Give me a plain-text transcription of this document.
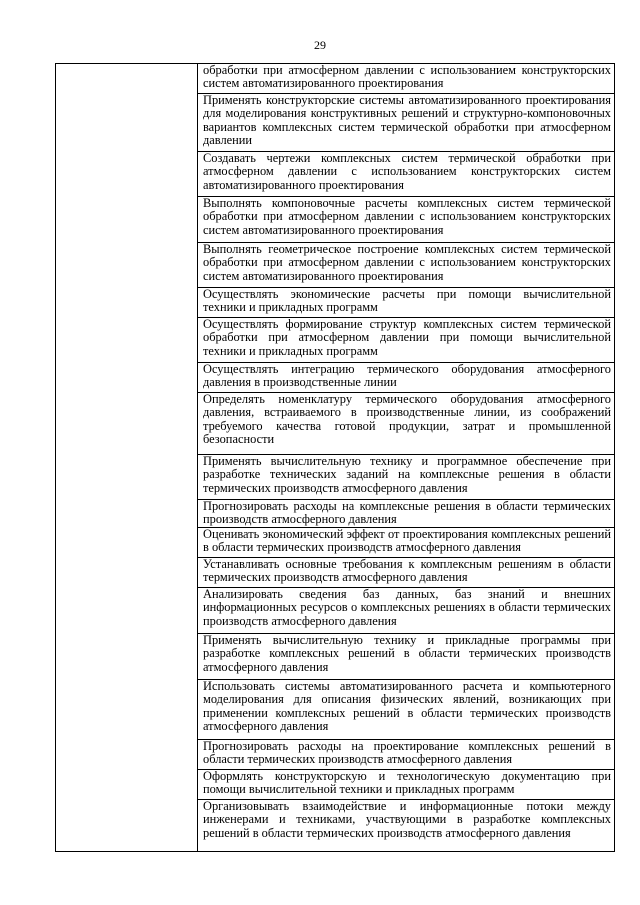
29
обработки при атмосферном давлении с использованием конструкторских систем автоматизированного проектирования
Применять конструкторские системы автоматизированного проектирования для моделирования конструктивных решений и структурно-компоновочных вариантов комплексных систем термической обработки при атмосферном давлении
Создавать чертежи комплексных систем термической обработки при атмосферном давлении с использованием конструкторских систем автоматизированного проектирования
Выполнять компоновочные расчеты комплексных систем термической обработки при атмосферном давлении с использованием конструкторских систем автоматизированного проектирования
Выполнять геометрическое построение комплексных систем термической обработки при атмосферном давлении с использованием конструкторских систем автоматизированного проектирования
Осуществлять экономические расчеты при помощи вычислительной техники и прикладных программ
Осуществлять формирование структур комплексных систем термической обработки при атмосферном давлении при помощи вычислительной техники и прикладных программ
Осуществлять интеграцию термического оборудования атмосферного давления в производственные линии
Определять номенклатуру термического оборудования атмосферного давления, встраиваемого в производственные линии, из соображений требуемого качества готовой продукции, затрат и промышленной безопасности
Применять вычислительную технику и программное обеспечение при разработке технических заданий на комплексные решения в области термических производств атмосферного давления
Прогнозировать расходы на комплексные решения в области термических производств атмосферного давления
Оценивать экономический эффект от проектирования комплексных решений в области термических производств атмосферного давления
Устанавливать основные требования к комплексным решениям в области термических производств атмосферного давления
Анализировать сведения баз данных, баз знаний и внешних информационных ресурсов о комплексных решениях в области термических производств атмосферного давления
Применять вычислительную технику и прикладные программы при разработке комплексных решений в области термических производств атмосферного давления
Использовать системы автоматизированного расчета и компьютерного моделирования для описания физических явлений, возникающих при применении комплексных решений в области термических производств атмосферного давления
Прогнозировать расходы на проектирование комплексных решений в области термических производств атмосферного давления
Оформлять конструкторскую и технологическую документацию при помощи вычислительной техники и прикладных программ
Организовывать взаимодействие и информационные потоки между инженерами и техниками, участвующими в разработке комплексных решений в области термических производств атмосферного давления
